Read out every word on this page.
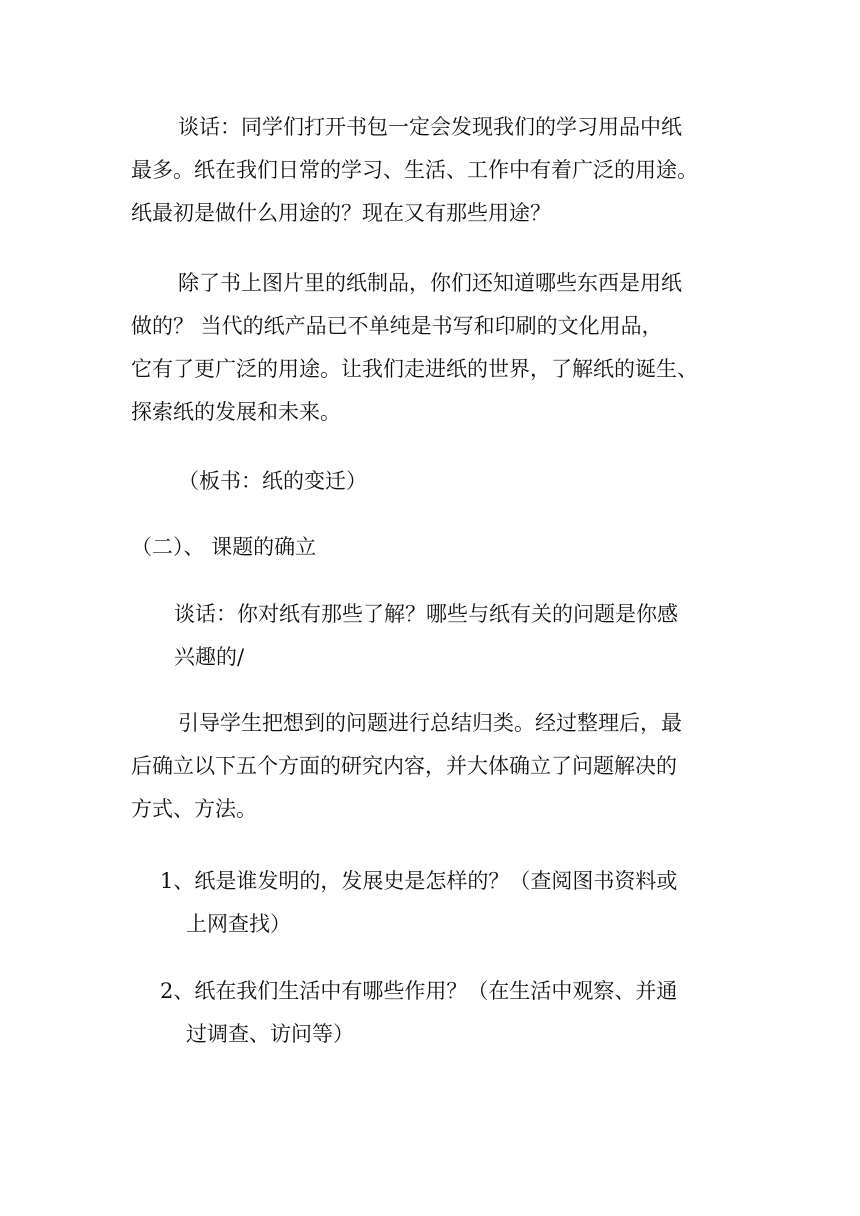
谈话：同学们打开书包一定会发现我们的学习用品中纸
最多。纸在我们日常的学习、生活、工作中有着广泛的用途。
纸最初是做什么用途的？现在又有那些用途？
除了书上图片里的纸制品，你们还知道哪些东西是用纸
做的？ 当代的纸产品已不单纯是书写和印刷的文化用品，
它有了更广泛的用途。让我们走进纸的世界，了解纸的诞生、
探索纸的发展和未来。
（板书：纸的变迁）
（二）、 课题的确立
谈话：你对纸有那些了解？哪些与纸有关的问题是你感
兴趣的/
引导学生把想到的问题进行总结归类。经过整理后，最
后确立以下五个方面的研究内容，并大体确立了问题解决的
方式、方法。
1、纸是谁发明的，发展史是怎样的？（查阅图书资料或
上网查找）
2、纸在我们生活中有哪些作用？（在生活中观察、并通
过调查、访问等）
